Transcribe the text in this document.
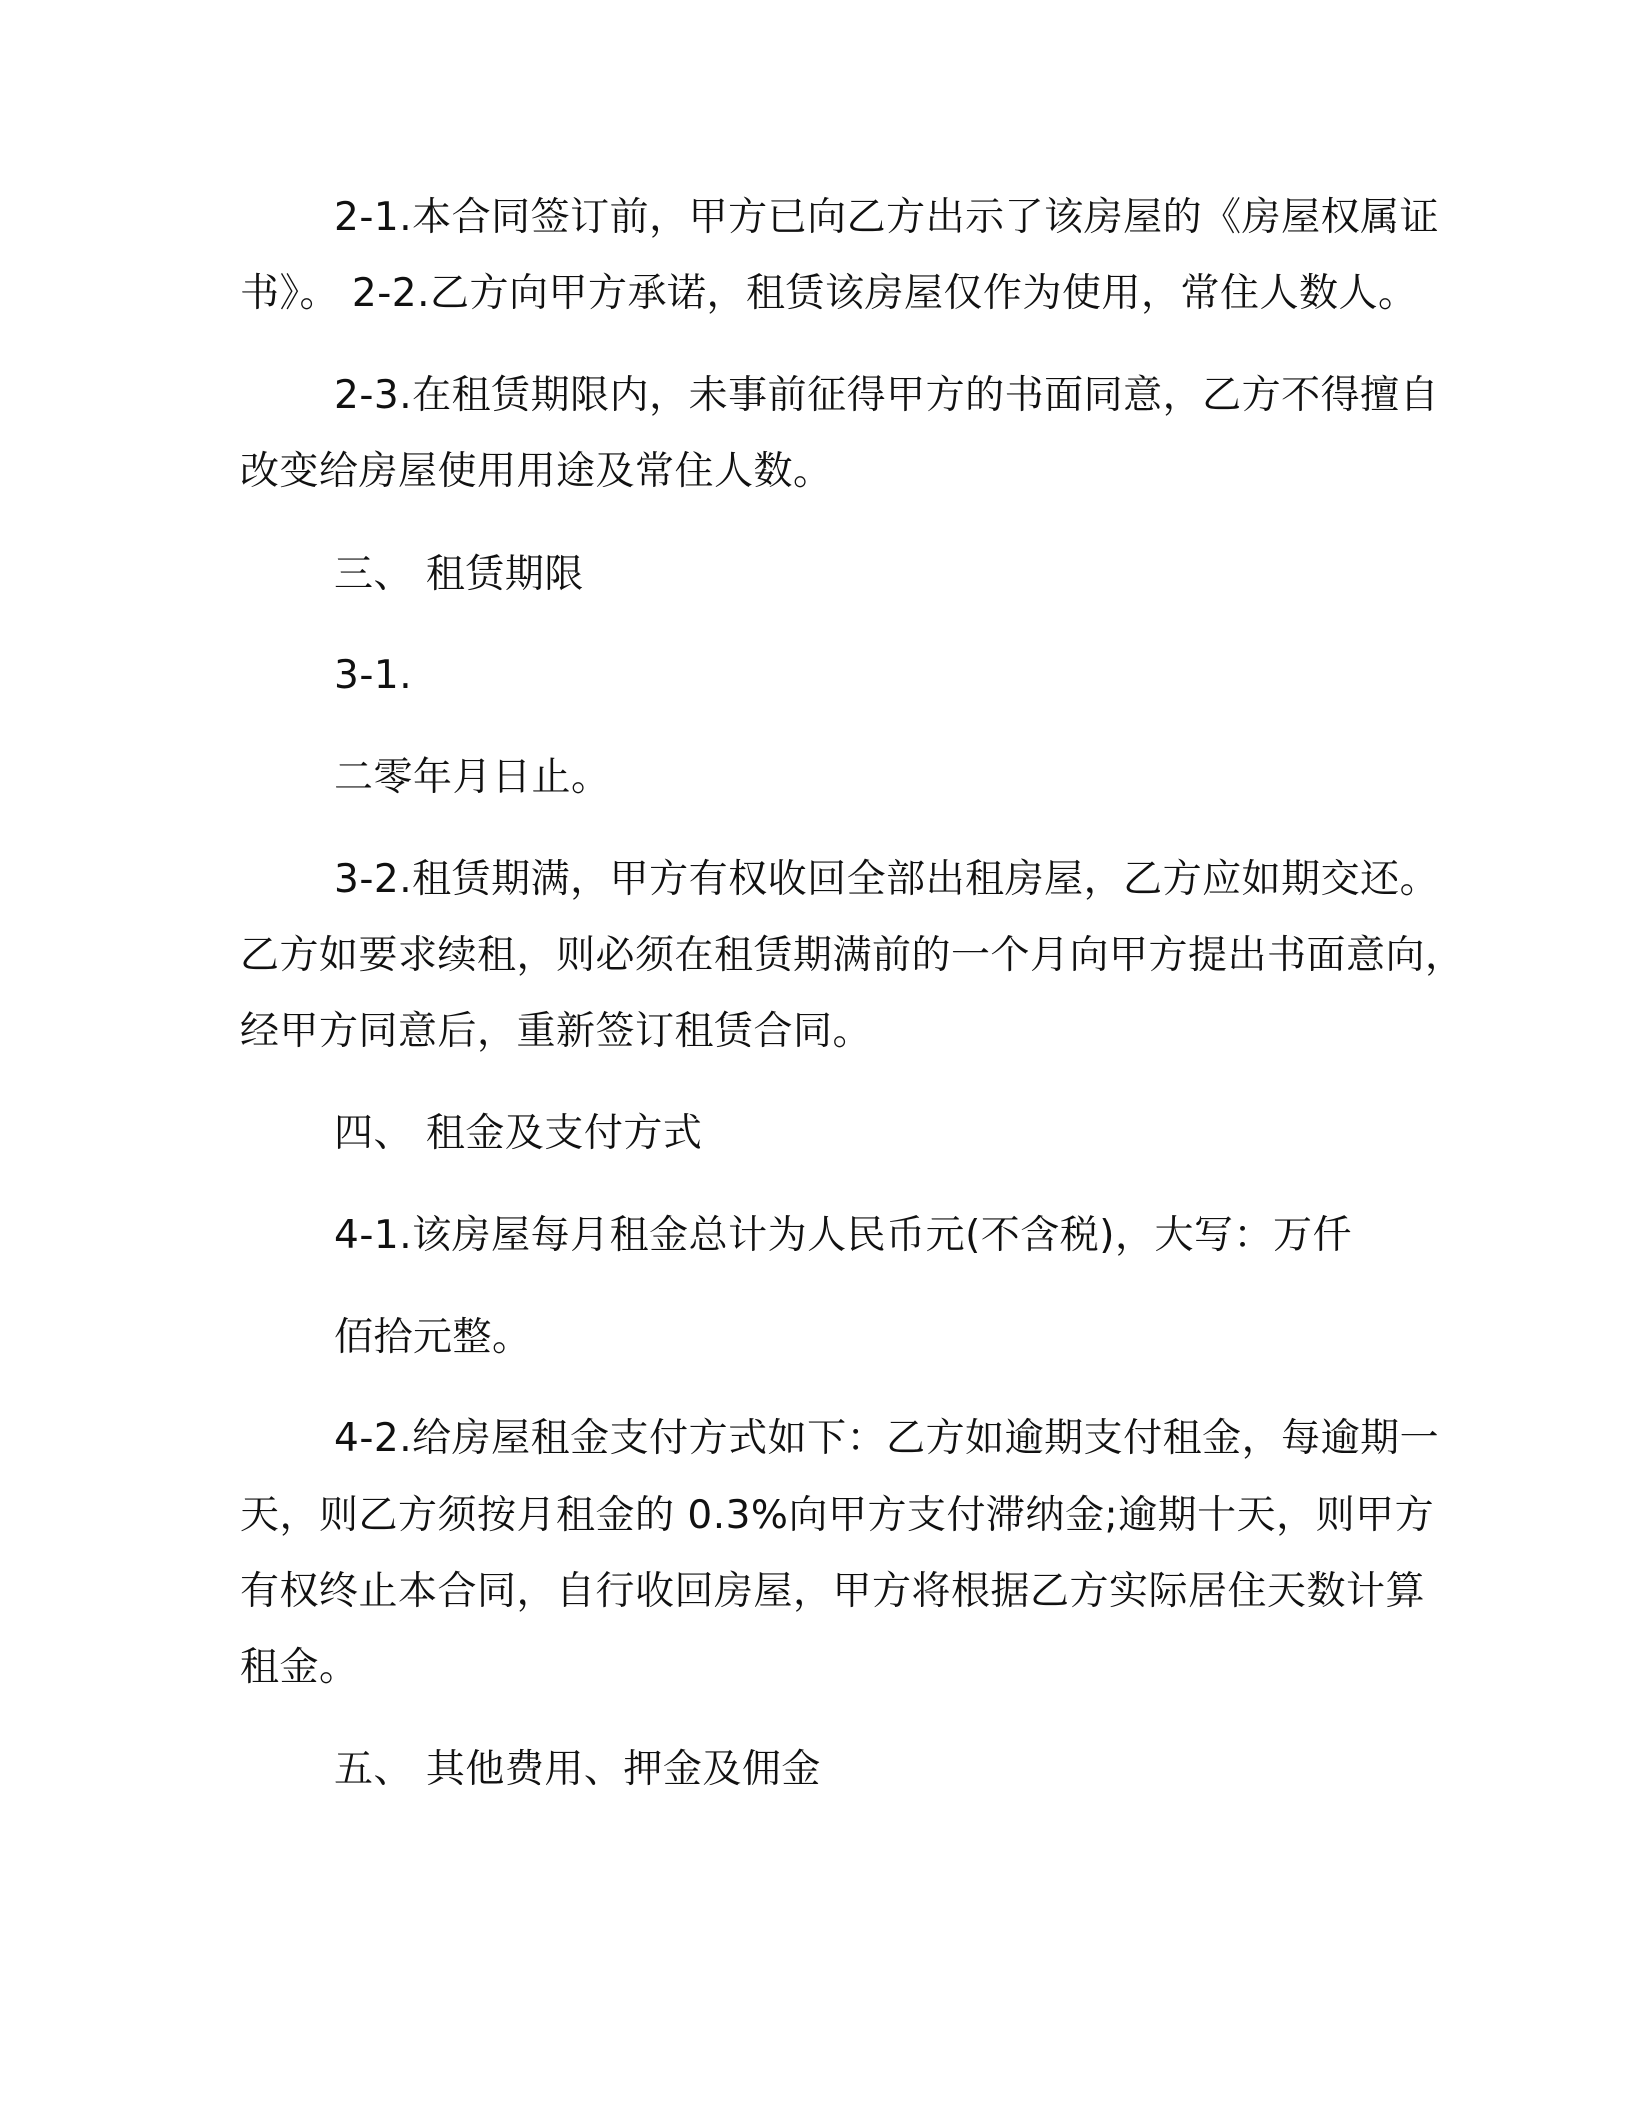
2-1.本合同签订前，甲方已向乙方出示了该房屋的《房屋权属证
书》。 2-2.乙方向甲方承诺，租赁该房屋仅作为使用，常住人数人。
2-3.在租赁期限内，未事前征得甲方的书面同意，乙方不得擅自
改变给房屋使用用途及常住人数。
三、 租赁期限
3-1.
二零年月日止。
3-2.租赁期满，甲方有权收回全部出租房屋，乙方应如期交还。
乙方如要求续租，则必须在租赁期满前的一个月向甲方提出书面意向，
经甲方同意后，重新签订租赁合同。
四、 租金及支付方式
4-1.该房屋每月租金总计为人民币元(不含税)，大写：万仟
佰拾元整。
4-2.给房屋租金支付方式如下：乙方如逾期支付租金，每逾期一
天，则乙方须按月租金的 0.3%向甲方支付滞纳金;逾期十天，则甲方
有权终止本合同，自行收回房屋，甲方将根据乙方实际居住天数计算
租金。
五、 其他费用、押金及佣金
